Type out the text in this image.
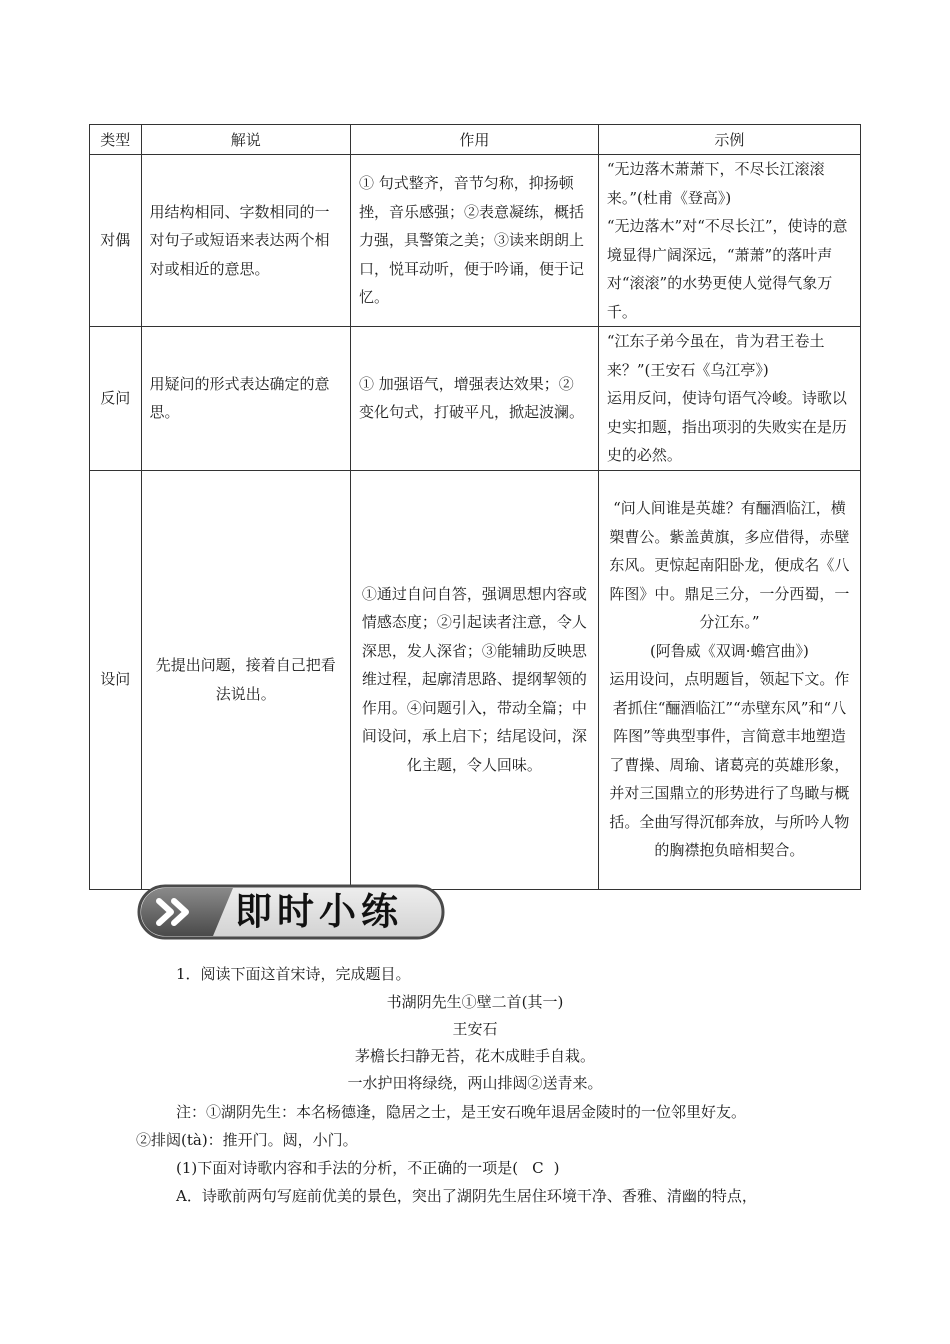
类型	解说	作用	示例
对偶	用结构相同、字数相同的一对句子或短语来表达两个相对或相近的意思。	① 句式整齐，音节匀称，抑扬顿挫，音乐感强；②表意凝练，概括力强，具警策之美；③读来朗朗上口，悦耳动听，便于吟诵，便于记忆。	“无边落木萧萧下，不尽长江滚滚来。”(杜甫《登高》)

“无边落木”对“不尽长江”，使诗的意境显得广阔深远，“萧萧”的落叶声对“滚滚”的水势更使人觉得气象万千。

反问	用疑问的形式表达确定的意思。	① 加强语气，增强表达效果；② 变化句式，打破平凡，掀起波澜。	“江东子弟今虽在，肯为君王卷土来？”(王安石《乌江亭》)

运用反问，使诗句语气冷峻。诗歌以史实扣题，指出项羽的失败实在是历史的必然。

设问	先提出问题，接着自己把看法说出。	①通过自问自答，强调思想内容或情感态度；②引起读者注意，令人深思，发人深省；③能辅助反映思维过程，起廓清思路、提纲挈领的作用。④问题引入，带动全篇；中间设问，承上启下；结尾设问，深化主题，令人回味。	“问人间谁是英雄？有酾酒临江，横槊曹公。紫盖黄旗，多应借得，赤壁东风。更惊起南阳卧龙，便成名《八阵图》中。鼎足三分，一分西蜀，一分江东。”

(阿鲁威《双调·蟾宫曲》)

运用设问，点明题旨，领起下文。作者抓住“酾酒临江”“赤壁东风”和“八阵图”等典型事件，言简意丰地塑造了曹操、周瑜、诸葛亮的英雄形象，并对三国鼎立的形势进行了鸟瞰与概括。全曲写得沉郁奔放，与所吟人物的胸襟抱负暗相契合。

即时小练
1．阅读下面这首宋诗，完成题目。
书湖阴先生①壁二首(其一)
王安石
茅檐长扫静无苔，花木成畦手自栽。
一水护田将绿绕，两山排闼②送青来。
注：①湖阴先生：本名杨德逢，隐居之士，是王安石晚年退居金陵时的一位邻里好友。
②排闼(tà)：推开门。闼，小门。
(1)下面对诗歌内容和手法的分析，不正确的一项是( C )
A．诗歌前两句写庭前优美的景色，突出了湖阴先生居住环境干净、香雅、清幽的特点，
